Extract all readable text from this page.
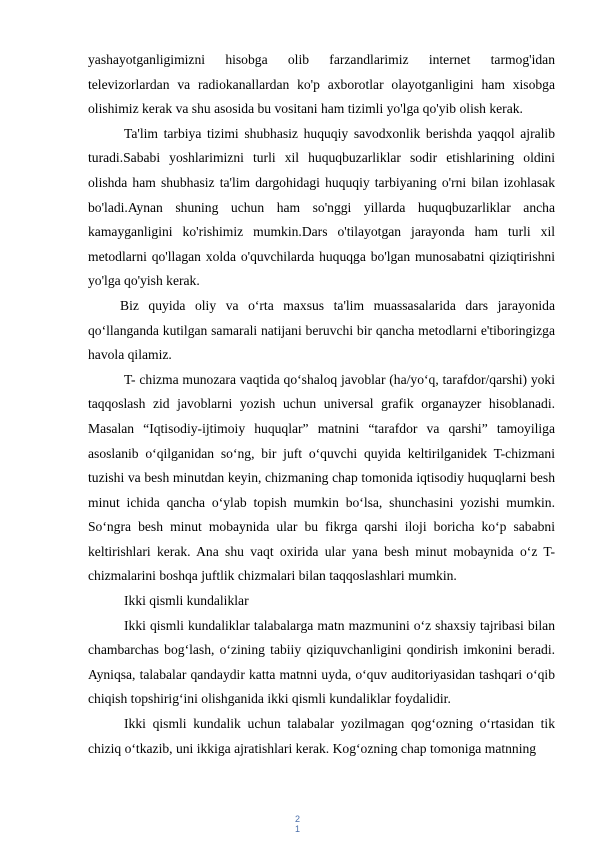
yashayotganligimizni hisobga olib farzandlarimiz internet tarmog'idan televizorlardan va radiokanallardan ko'p axborotlar olayotganligini ham xisobga olishimiz kerak va shu asosida bu vositani ham tizimli yo'lga qo'yib olish kerak.

Ta'lim tarbiya tizimi shubhasiz huquqiy savodxonlik berishda yaqqol ajralib turadi.Sababi yoshlarimizni turli xil huquqbuzarliklar sodir etishlarining oldini olishda ham shubhasiz ta'lim dargohidagi huquqiy tarbiyaning o'rni bilan izohlasak bo'ladi.Aynan shuning uchun ham so'nggi yillarda huquqbuzarliklar ancha kamayganligini ko'rishimiz mumkin.Dars o'tilayotgan jarayonda ham turli xil metodlarni qo'llagan xolda o'quvchilarda huquqga bo'lgan munosabatni qiziqtirishni yo'lga qo'yish kerak.

Biz quyida oliy va o‘rta maxsus ta'lim muassasalarida dars jarayonida qo‘llanganda kutilgan samarali natijani beruvchi bir qancha metodlarni e'tiboringizga havola qilamiz.

T- chizma munozara vaqtida qo‘shaloq javoblar (ha/yo‘q, tarafdor/qarshi) yoki taqqoslash zid javoblarni yozish uchun universal grafik organayzer hisoblanadi. Masalan “Iqtisodiy-ijtimoiy huquqlar” matnini “tarafdor va qarshi” tamoyiliga asoslanib o‘qilganidan so‘ng, bir juft o‘quvchi quyida keltirilganidek T-chizmani tuzishi va besh minutdan keyin, chizmaning chap tomonida iqtisodiy huquqlarni besh minut ichida qancha o‘ylab topish mumkin bo‘lsa, shunchasini yozishi mumkin. So‘ngra besh minut mobaynida ular bu fikrga qarshi iloji boricha ko‘p sababni keltirishlari kerak. Ana shu vaqt oxirida ular yana besh minut mobaynida o‘z T-chizmalarini boshqa juftlik chizmalari bilan taqqoslashlari mumkin.

Ikki qismli kundaliklar

Ikki qismli kundaliklar talabalarga matn mazmunini o‘z shaxsiy tajribasi bilan chambarchas bog‘lash, o‘zining tabiiy qiziquvchanligini qondirish imkonini beradi. Ayniqsa, talabalar qandaydir katta matnni uyda, o‘quv auditoriyasidan tashqari o‘qib chiqish topshirig‘ini olishganida ikki qismli kundaliklar foydalidir.

Ikki qismli kundalik uchun talabalar yozilmagan qog‘ozning o‘rtasidan tik chiziq o‘tkazib, uni ikkiga ajratishlari kerak. Kog‘ozning chap tomoniga matnning

2
1
